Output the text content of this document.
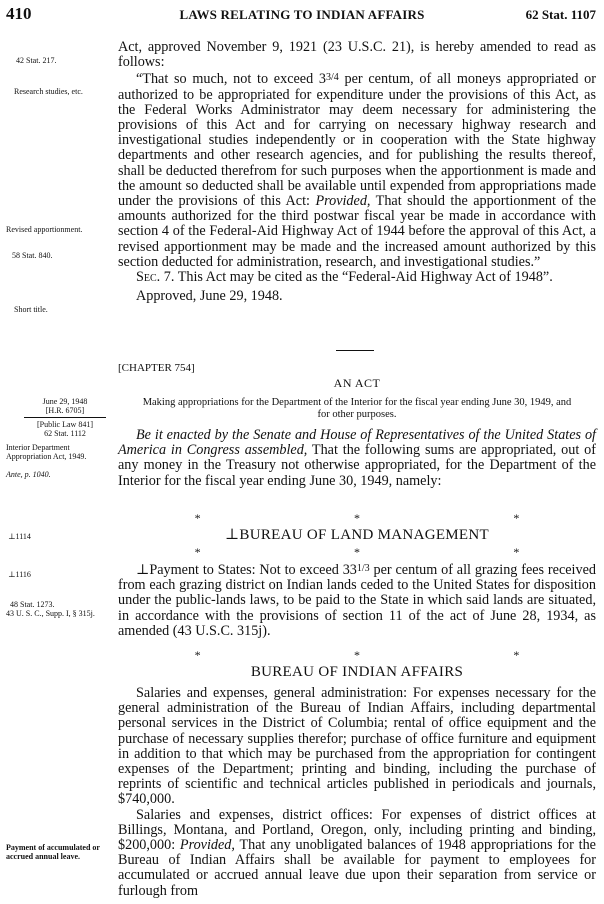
410	LAWS RELATING TO INDIAN AFFAIRS	62 Stat. 1107
42 Stat. 217.
Research studies, etc.
Revised apportionment.
58 Stat. 840.
Short title.
June 29, 1948
[H.R. 6705]
[Public Law 841]
62 Stat. 1112
Interior Department Appropriation Act, 1949.
Ante, p. 1040.
⊥1114
⊥1116
48 Stat. 1273.
43 U. S. C., Supp. I, § 315j.
Payment of accumulated or accrued annual leave.

Act, approved November 9, 1921 (23 U.S.C. 21), is hereby amended to read as follows:

“That so much, not to exceed $3^{3/4}$ per centum, of all moneys appropriated or authorized to be appropriated for expenditure under the provisions of this Act, as the Federal Works Administrator may deem necessary for administering the provisions of this Act and for carrying on necessary highway research and investigational studies independently or in cooperation with the State highway departments and other research agencies, and for publishing the results thereof, shall be deducted therefrom for such purposes when the apportionment is made and the amount so deducted shall be available until expended from appropriations made under the provisions of this Act: Provided, That should the apportionment of the amounts authorized for the third postwar fiscal year be made in accordance with section 4 of the Federal-Aid Highway Act of 1944 before the approval of this Act, a revised apportionment may be made and the increased amount authorized by this section deducted for administration, research, and investigational studies.”

Sec. 7. This Act may be cited as the “Federal-Aid Highway Act of 1948”.

Approved, June 29, 1948.

[CHAPTER 754]
AN ACT
Making appropriations for the Department of the Interior for the fiscal year ending June 30, 1949, and for other purposes.

Be it enacted by the Senate and House of Representatives of the United States of America in Congress assembled, That the following sums are appropriated, out of any money in the Treasury not otherwise appropriated, for the Department of the Interior for the fiscal year ending June 30, 1949, namely:

*	*	*
⊥BUREAU OF LAND MANAGEMENT
*	*	*

⊥Payment to States: Not to exceed $33^{1/3}$ per centum of all grazing fees received from each grazing district on Indian lands ceded to the United States for disposition under the public-lands laws, to be paid to the State in which said lands are situated, in accordance with the provisions of section 11 of the act of June 28, 1934, as amended (43 U.S.C. 315j).

*	*	*
BUREAU OF INDIAN AFFAIRS

Salaries and expenses, general administration: For expenses necessary for the general administration of the Bureau of Indian Affairs, including departmental personal services in the District of Columbia; rental of office equipment and the purchase of necessary supplies therefor; purchase of office furniture and equipment in addition to that which may be purchased from the appropriation for contingent expenses of the Department; printing and binding, including the purchase of reprints of scientific and technical articles published in periodicals and journals, $740,000.

Salaries and expenses, district offices: For expenses of district offices at Billings, Montana, and Portland, Oregon, only, including printing and binding, $200,000: Provided, That any unobligated balances of 1948 appropriations for the Bureau of Indian Affairs shall be available for payment to employees for accumulated or accrued annual leave due upon their separation from service or furlough from
